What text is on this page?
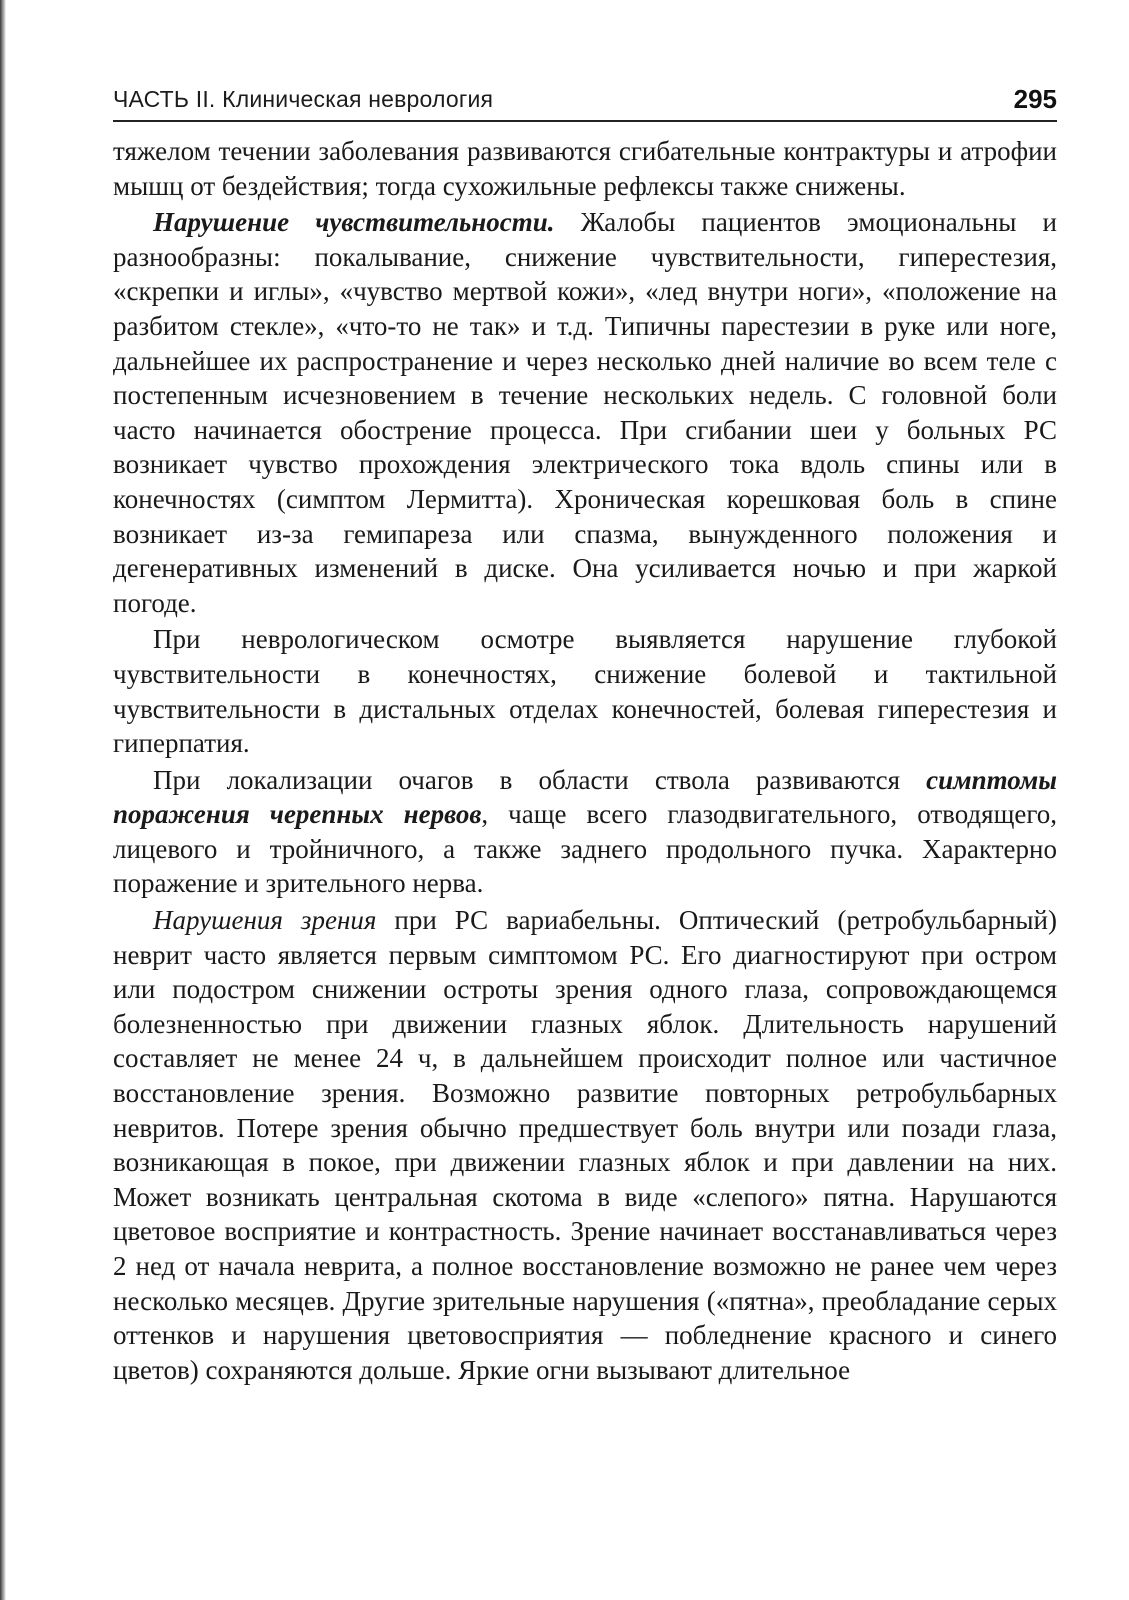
ЧАСТЬ II. Клиническая неврология	295

тяжелом течении заболевания развиваются сгибательные контрактуры и атрофии мышц от бездействия; тогда сухожильные рефлексы также снижены.

Нарушение чувствительности. Жалобы пациентов эмоциональны и разнообразны: покалывание, снижение чувствительности, гиперестезия, «скрепки и иглы», «чувство мертвой кожи», «лед внутри ноги», «положение на разбитом стекле», «что-то не так» и т.д. Типичны парестезии в руке или ноге, дальнейшее их распространение и через несколько дней наличие во всем теле с постепенным исчезновением в течение нескольких недель. С головной боли часто начинается обострение процесса. При сгибании шеи у больных РС возникает чувство прохождения электрического тока вдоль спины или в конечностях (симптом Лермитта). Хроническая корешковая боль в спине возникает из-за гемипареза или спазма, вынужденного положения и дегенеративных изменений в диске. Она усиливается ночью и при жаркой погоде.

При неврологическом осмотре выявляется нарушение глубокой чувствительности в конечностях, снижение болевой и тактильной чувствительности в дистальных отделах конечностей, болевая гиперестезия и гиперпатия.

При локализации очагов в области ствола развиваются симптомы поражения черепных нервов, чаще всего глазодвигательного, отводящего, лицевого и тройничного, а также заднего продольного пучка. Характерно поражение и зрительного нерва.

Нарушения зрения при РС вариабельны. Оптический (ретробульбарный) неврит часто является первым симптомом РС. Его диагностируют при остром или подостром снижении остроты зрения одного глаза, сопровождающемся болезненностью при движении глазных яблок. Длительность нарушений составляет не менее 24 ч, в дальнейшем происходит полное или частичное восстановление зрения. Возможно развитие повторных ретробульбарных невритов. Потере зрения обычно предшествует боль внутри или позади глаза, возникающая в покое, при движении глазных яблок и при давлении на них. Может возникать центральная скотома в виде «слепого» пятна. Нарушаются цветовое восприятие и контрастность. Зрение начинает восстанавливаться через 2 нед от начала неврита, а полное восстановление возможно не ранее чем через несколько месяцев. Другие зрительные нарушения («пятна», преобладание серых оттенков и нарушения цветовосприятия — побледнение красного и синего цветов) сохраняются дольше. Яркие огни вызывают длительное
